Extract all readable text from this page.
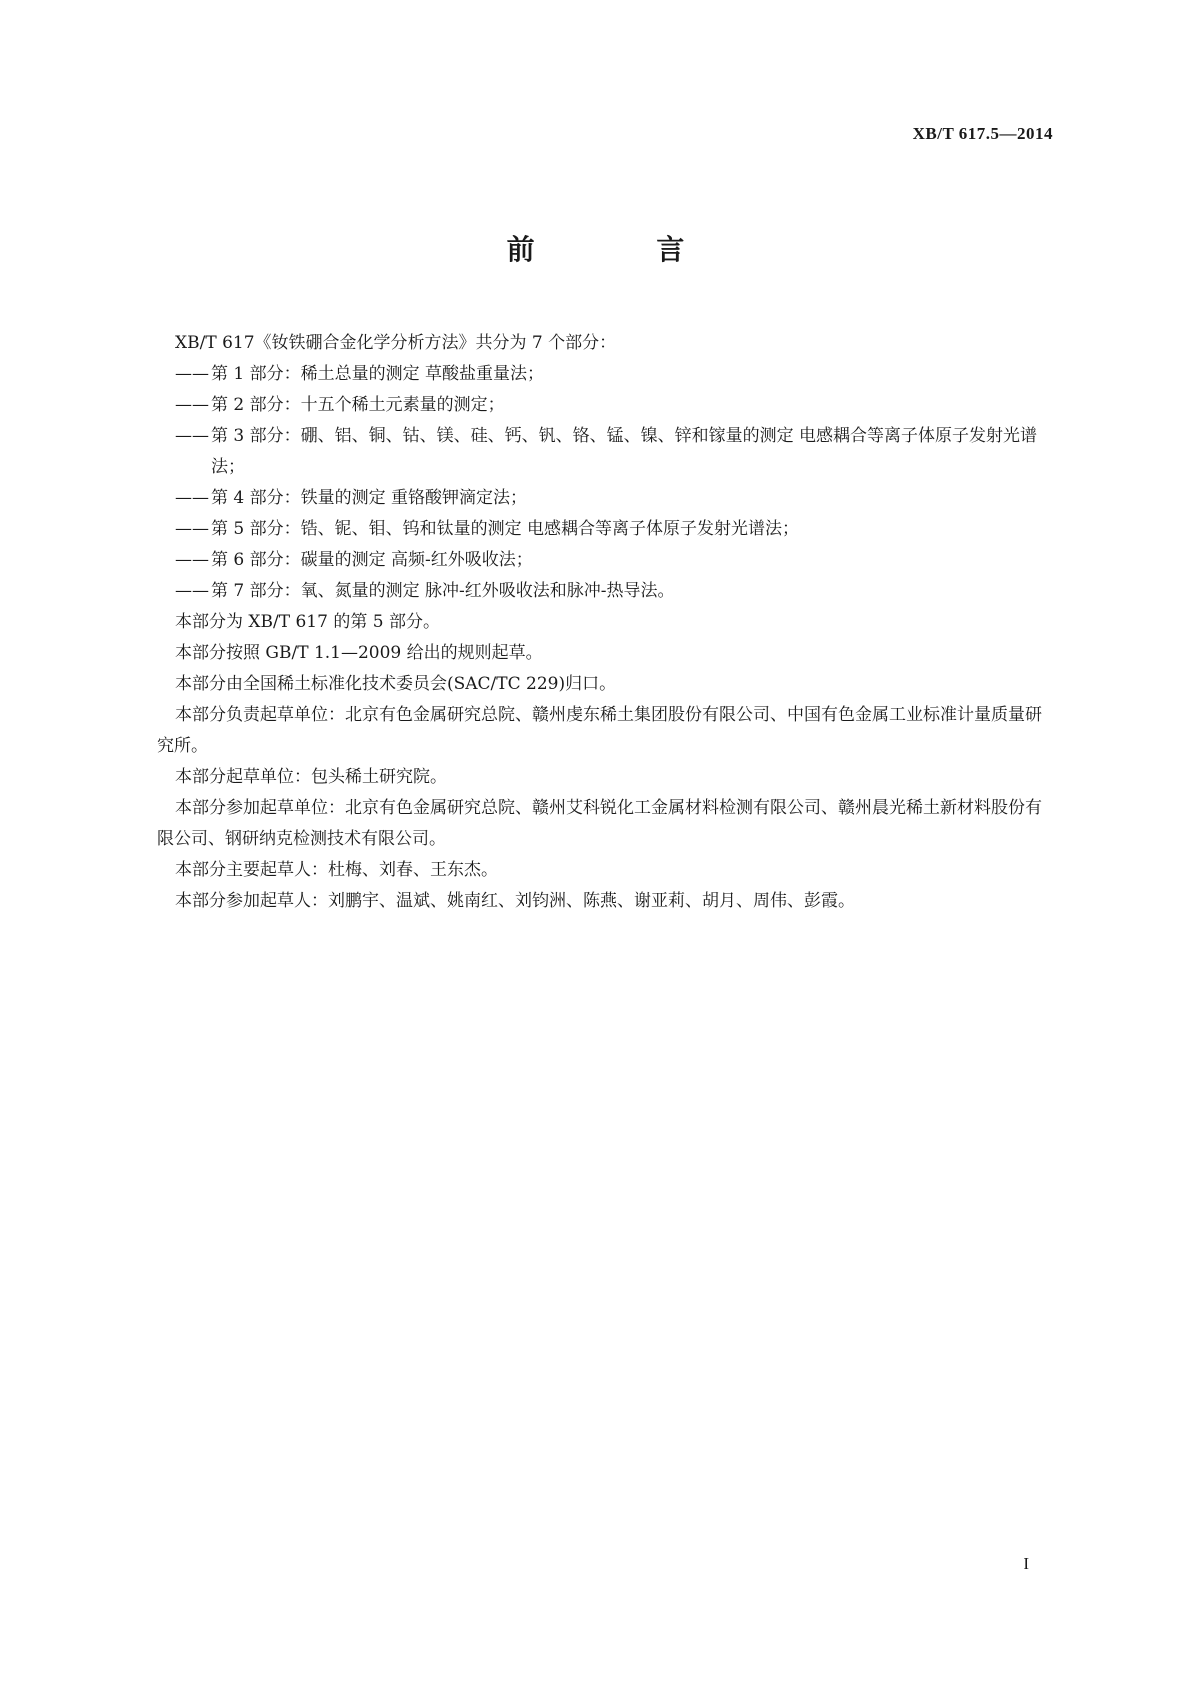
XB/T 617.5—2014
前 言

XB/T 617《钕铁硼合金化学分析方法》共分为 7 个部分：

—— 第 1 部分：稀土总量的测定 草酸盐重量法；

—— 第 2 部分：十五个稀土元素量的测定；

—— 第 3 部分：硼、铝、铜、钴、镁、硅、钙、钒、铬、锰、镍、锌和镓量的测定 电感耦合等离子体原子发射光谱法；

—— 第 4 部分：铁量的测定 重铬酸钾滴定法；

—— 第 5 部分：锆、铌、钼、钨和钛量的测定 电感耦合等离子体原子发射光谱法；

—— 第 6 部分：碳量的测定 高频-红外吸收法；

—— 第 7 部分：氧、氮量的测定 脉冲-红外吸收法和脉冲-热导法。

本部分为 XB/T 617 的第 5 部分。

本部分按照 GB/T 1.1—2009 给出的规则起草。

本部分由全国稀土标准化技术委员会(SAC/TC 229)归口。

本部分负责起草单位：北京有色金属研究总院、赣州虔东稀土集团股份有限公司、中国有色金属工业标准计量质量研究所。

本部分起草单位：包头稀土研究院。

本部分参加起草单位：北京有色金属研究总院、赣州艾科锐化工金属材料检测有限公司、赣州晨光稀土新材料股份有限公司、钢研纳克检测技术有限公司。

本部分主要起草人：杜梅、刘春、王东杰。

本部分参加起草人：刘鹏宇、温斌、姚南红、刘钧洲、陈燕、谢亚莉、胡月、周伟、彭霞。

I
